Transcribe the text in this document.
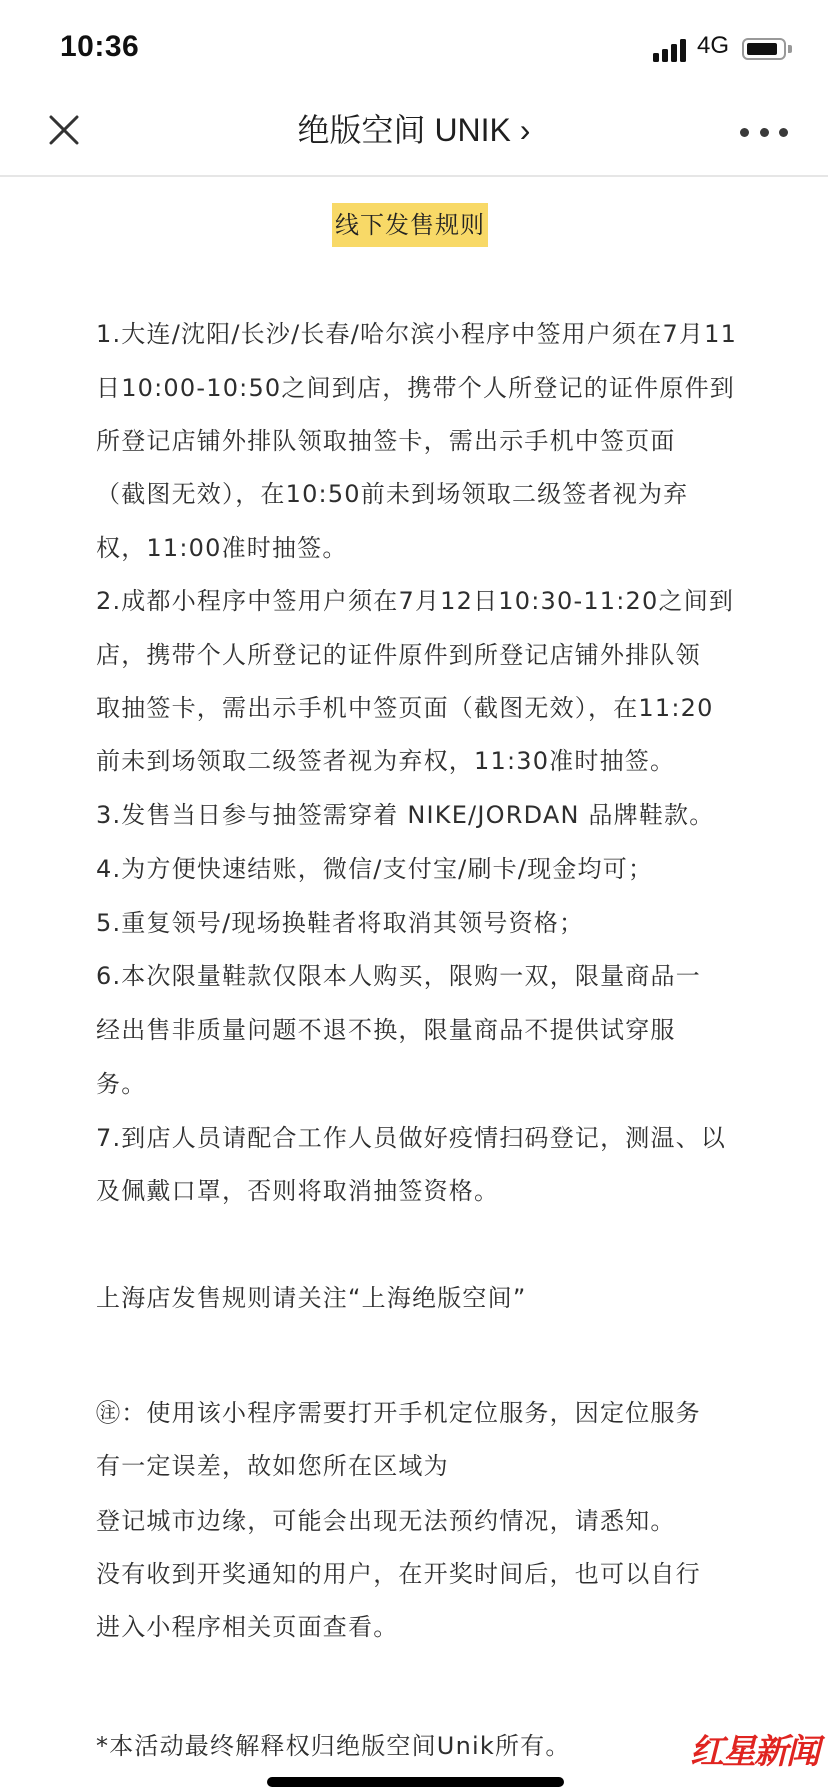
10:36	4G
绝版空间 UNIK ›
线下发售规则
1.大连/沈阳/长沙/长春/哈尔滨小程序中签用户须在7月11
日10:00-10:50之间到店，携带个人所登记的证件原件到
所登记店铺外排队领取抽签卡，需出示手机中签页面
（截图无效），在10:50前未到场领取二级签者视为弃
权，11:00准时抽签。
2.成都小程序中签用户须在7月12日10:30-11:20之间到
店，携带个人所登记的证件原件到所登记店铺外排队领
取抽签卡，需出示手机中签页面（截图无效），在11:20
前未到场领取二级签者视为弃权，11:30准时抽签。
3.发售当日参与抽签需穿着 NIKE/JORDAN 品牌鞋款。
4.为方便快速结账，微信/支付宝/刷卡/现金均可；
5.重复领号/现场换鞋者将取消其领号资格；
6.本次限量鞋款仅限本人购买，限购一双，限量商品一
经出售非质量问题不退不换，限量商品不提供试穿服
务。
7.到店人员请配合工作人员做好疫情扫码登记，测温、以
及佩戴口罩，否则将取消抽签资格。
上海店发售规则请关注“上海绝版空间”
㊟：使用该小程序需要打开手机定位服务，因定位服务
有一定误差，故如您所在区域为
登记城市边缘，可能会出现无法预约情况，请悉知。
没有收到开奖通知的用户，在开奖时间后，也可以自行
进入小程序相关页面查看。
*本活动最终解释权归绝版空间Unik所有。	红星新闻
